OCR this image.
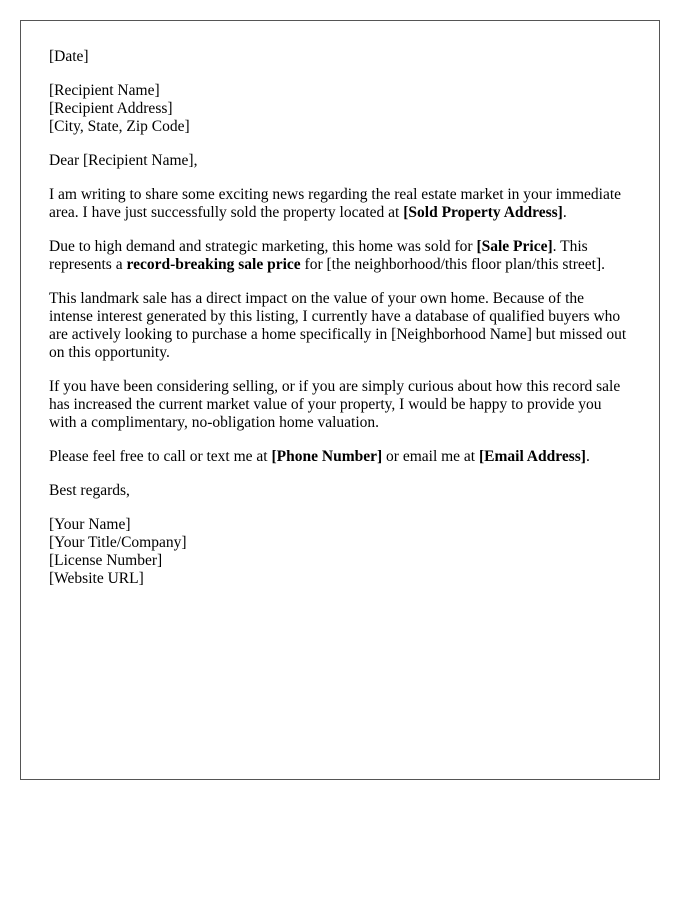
[Date]
[Recipient Name]
[Recipient Address]
[City, State, Zip Code]

Dear [Recipient Name],

I am writing to share some exciting news regarding the real estate market in your immediate area. I have just successfully sold the property located at [Sold Property Address].

Due to high demand and strategic marketing, this home was sold for [Sale Price]. This represents a record-breaking sale price for [the neighborhood/this floor plan/this street].

This landmark sale has a direct impact on the value of your own home. Because of the intense interest generated by this listing, I currently have a database of qualified buyers who are actively looking to purchase a home specifically in [Neighborhood Name] but missed out on this opportunity.

If you have been considering selling, or if you are simply curious about how this record sale has increased the current market value of your property, I would be happy to provide you with a complimentary, no-obligation home valuation.

Please feel free to call or text me at [Phone Number] or email me at [Email Address].

Best regards,

[Your Name]
[Your Title/Company]
[License Number]
[Website URL]
